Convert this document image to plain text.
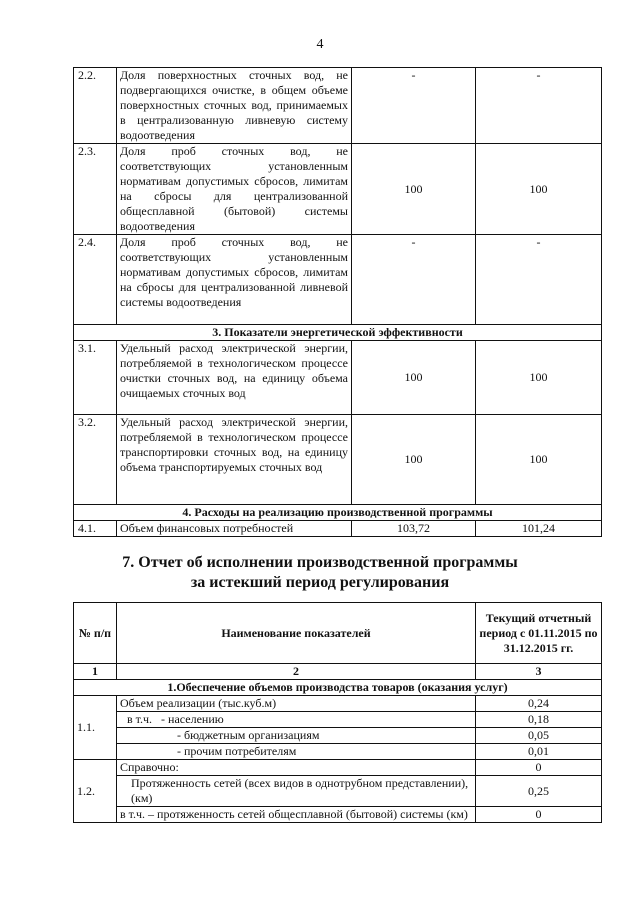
4
2.2.	Доля поверхностных сточных вод, не подвергающихся очистке, в общем объеме поверхностных сточных вод, принимаемых в централизованную ливневую систему водоотведения	-	-
2.3.	Доля проб сточных вод, не соответствующих установленным нормативам допустимых сбросов, лимитам на сбросы для централизованной общесплавной (бытовой) системы водоотведения	100	100
2.4.	Доля проб сточных вод, не соответствующих установленным нормативам допустимых сбросов, лимитам на сбросы для централизованной ливневой системы водоотведения	-	-
3. Показатели энергетической эффективности			
3.1.	Удельный расход электрической энергии, потребляемой в технологическом процессе очистки сточных вод, на единицу объема очищаемых сточных вод	100	100
3.2.	Удельный расход электрической энергии, потребляемой в технологическом процессе транспортировки сточных вод, на единицу объема транспортируемых сточных вод	100	100
4. Расходы на реализацию производственной программы			
4.1.	Объем финансовых потребностей	103,72	101,24
7. Отчет об исполнении производственной программы
за истекший период регулирования
№ п/п	Наименование показателей	Текущий отчетный период с 01.11.2015 по 31.12.2015 гг.
1	2	3
1.Обеспечение объемов производства товаров (оказания услуг)		
1.1.	Объем реализации (тыс.куб.м)	0,24
	в т.ч. - населению	0,18
	- бюджетным организациям	0,05
	- прочим потребителям	0,01
1.2.	Справочно:	0
	Протяженность сетей (всех видов в однотрубном представлении), (км)	0,25
	в т.ч. – протяженность сетей общесплавной (бытовой) системы (км)	0
